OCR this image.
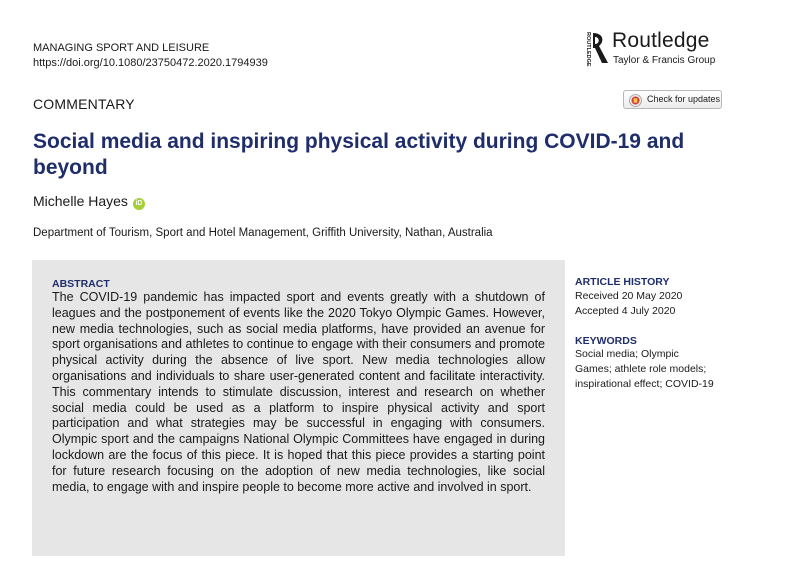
MANAGING SPORT AND LEISURE
https://doi.org/10.1080/23750472.2020.1794939	ROUTLEDGE Routledge
Taylor & Francis Group
COMMENTARY	Check for updates
Social media and inspiring physical activity during COVID-19 and
beyond
Michelle Hayes iD
Department of Tourism, Sport and Hotel Management, Griffith University, Nathan, Australia
ABSTRACT
The COVID-19 pandemic has impacted sport and events greatly with a shutdown of leagues and the postponement of events like the 2020 Tokyo Olympic Games. However, new media technologies, such as social media platforms, have provided an avenue for sport organisations and athletes to continue to engage with their consumers and promote physical activity during the absence of live sport. New media technologies allow organisations and individuals to share user-generated content and facilitate interactivity. This commentary intends to stimulate discussion, interest and research on whether social media could be used as a platform to inspire physical activity and sport participation and what strategies may be successful in engaging with consumers. Olympic sport and the campaigns National Olympic Committees have engaged in during lockdown are the focus of this piece. It is hoped that this piece provides a starting point for future research focusing on the adoption of new media technologies, like social media, to engage with and inspire people to become more active and involved in sport.
ARTICLE HISTORY
Received 20 May 2020
Accepted 4 July 2020
KEYWORDS
Social media; Olympic
Games; athlete role models;
inspirational effect; COVID-19
